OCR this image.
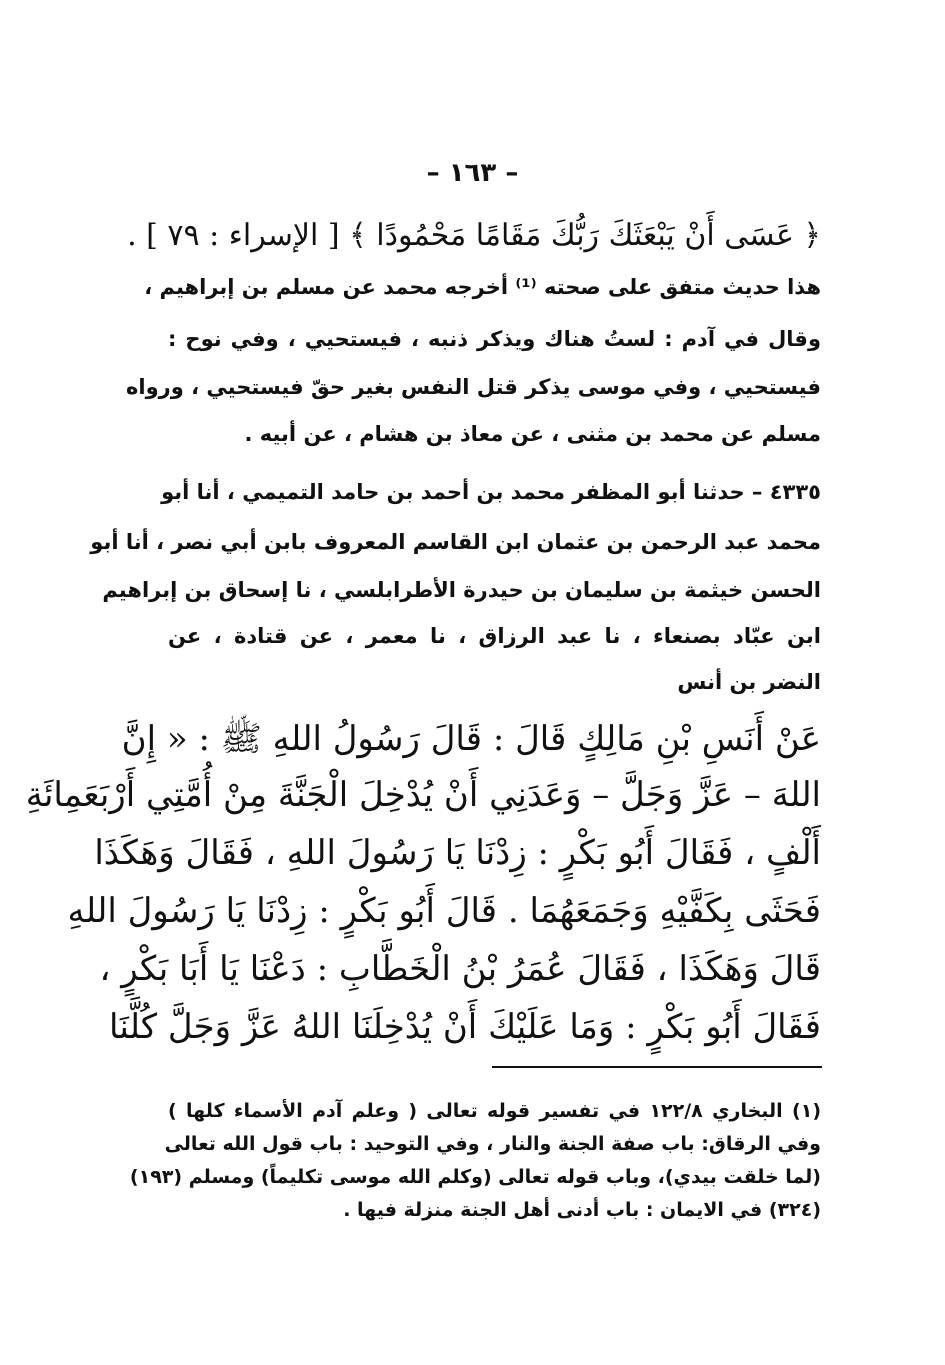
– ١٦٣ –
﴿ عَسَى أَنْ يَبْعَثَكَ رَبُّكَ مَقَامًا مَحْمُودًا ﴾ [ الإسراء : ٧٩ ] .
هذا حديث متفق على صحته ⁽¹⁾ أخرجه محمد عن مسلم بن إبراهيم ،
وقال في آدم : لستُ هناك ويذكر ذنبه ، فيستحيي ، وفي نوح :
فيستحيي ، وفي موسى يذكر قتل النفس بغير حقّ فيستحيي ، ورواه
مسلم عن محمد بن مثنى ، عن معاذ بن هشام ، عن أبيه .
٤٣٣٥ – حدثنا أبو المظفر محمد بن أحمد بن حامد التميمي ، أنا أبو
محمد عبد الرحمن بن عثمان ابن القاسم المعروف بابن أبي نصر ، أنا أبو
الحسن خيثمة بن سليمان بن حيدرة الأطرابلسي ، نا إسحاق بن إبراهيم
ابن عبّاد بصنعاء ، نا عبد الرزاق ، نا معمر ، عن قتادة ، عن
النضر بن أنس
عَنْ أَنَسِ بْنِ مَالِكٍ قَالَ : قَالَ رَسُولُ اللهِ ﷺ : « إِنَّ
اللهَ – عَزَّ وَجَلَّ – وَعَدَنِي أَنْ يُدْخِلَ الْجَنَّةَ مِنْ أُمَّتِي أَرْبَعَمِائَةِ
أَلْفٍ ، فَقَالَ أَبُو بَكْرٍ : زِدْنَا يَا رَسُولَ اللهِ ، فَقَالَ وَهَكَذَا
فَحَثَى بِكَفَّيْهِ وَجَمَعَهُمَا . قَالَ أَبُو بَكْرٍ : زِدْنَا يَا رَسُولَ اللهِ
قَالَ وَهَكَذَا ، فَقَالَ عُمَرُ بْنُ الْخَطَّابِ : دَعْنَا يَا أَبَا بَكْرٍ ،
فَقَالَ أَبُو بَكْرٍ : وَمَا عَلَيْكَ أَنْ يُدْخِلَنَا اللهُ عَزَّ وَجَلَّ كُلَّنَا
(١) البخاري ١٢٢/٨ في تفسير قوله تعالى ( وعلم آدم الأسماء كلها )
وفي الرقاق: باب صفة الجنة والنار ، وفي التوحيد : باب قول الله تعالى
(لما خلقت بيدي)، وباب قوله تعالى (وكلم الله موسى تكليماً) ومسلم (١٩٣)
(٣٢٤) في الايمان : باب أدنى أهل الجنة منزلة فيها .
